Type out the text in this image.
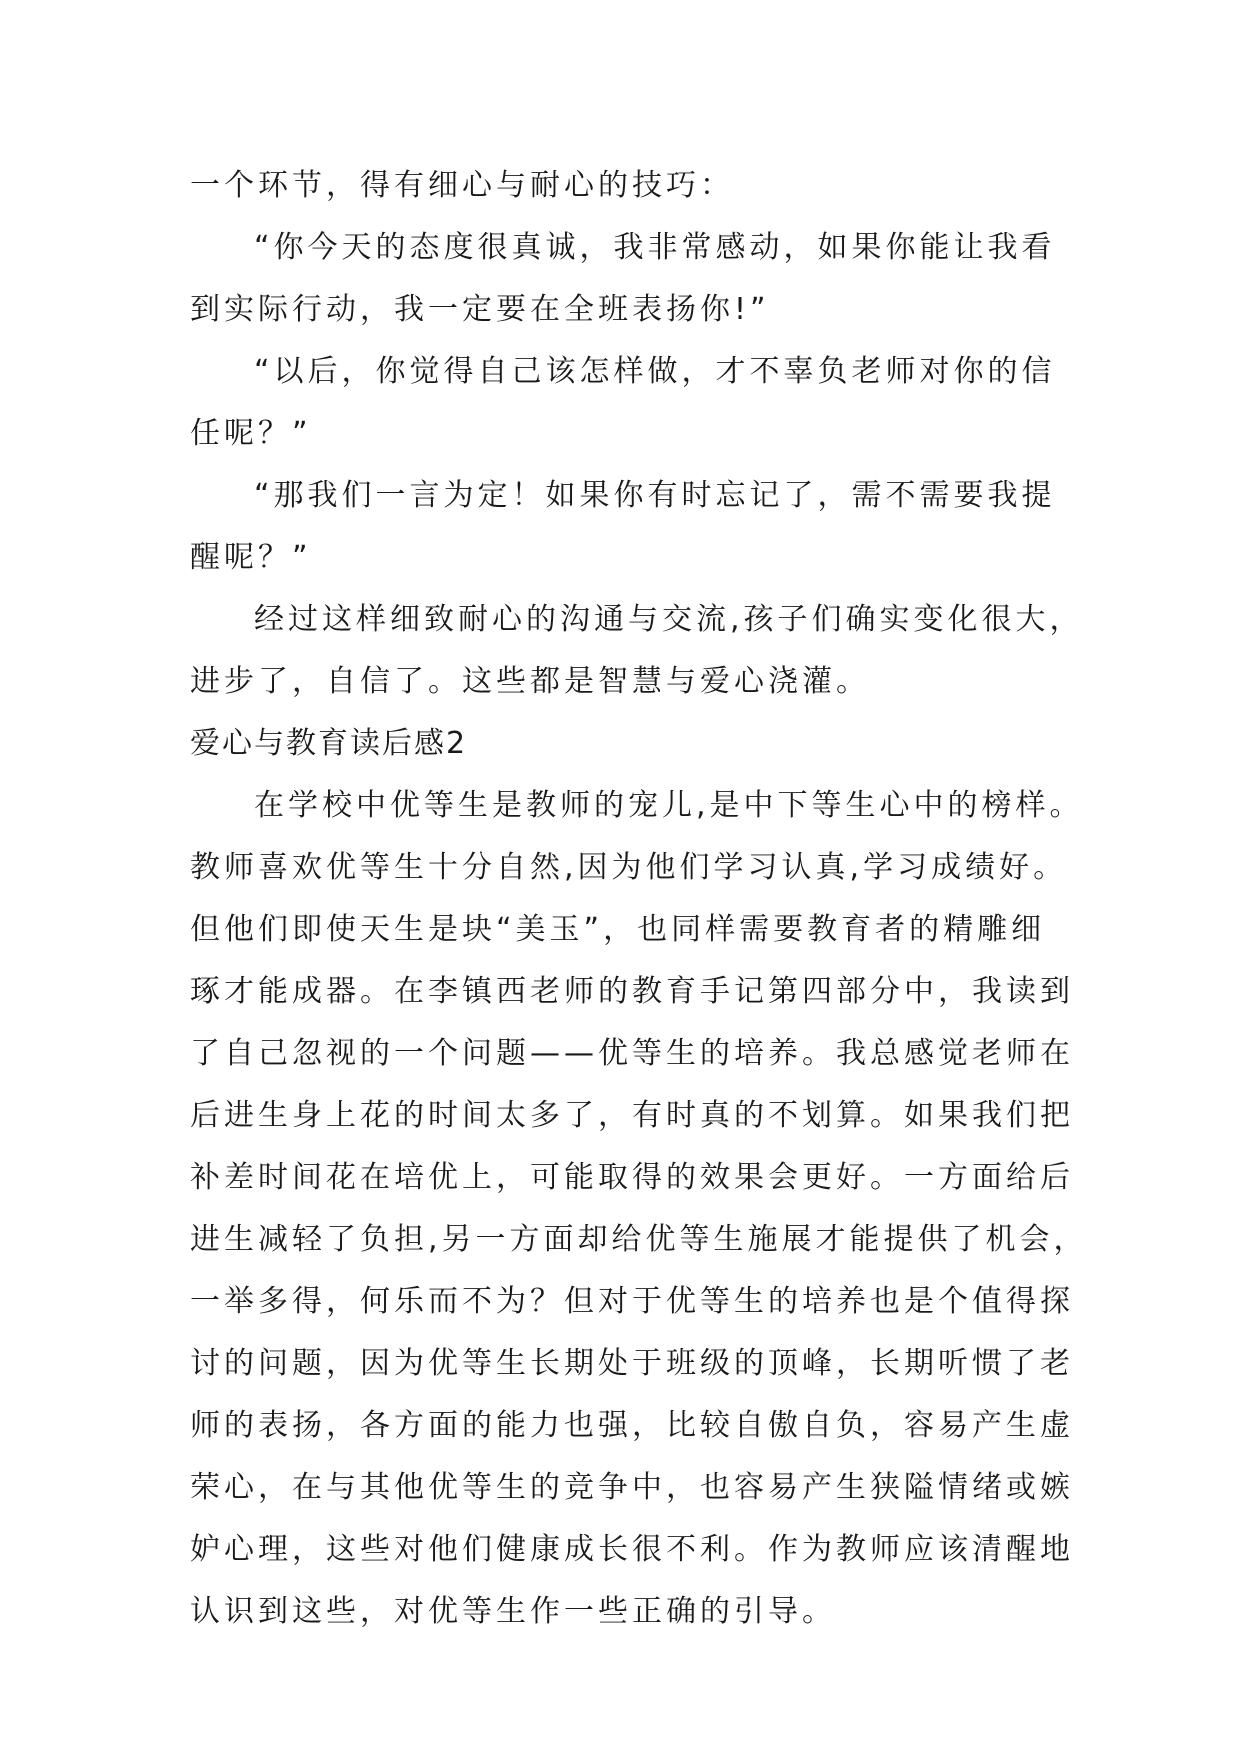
一个环节，得有细心与耐心的技巧：
“你今天的态度很真诚，我非常感动，如果你能让我看
到实际行动，我一定要在全班表扬你!”
“以后，你觉得自己该怎样做，才不辜负老师对你的信
任呢？”
“那我们一言为定！如果你有时忘记了，需不需要我提
醒呢？”
经过这样细致耐心的沟通与交流,孩子们确实变化很大，
进步了，自信了。这些都是智慧与爱心浇灌。
爱心与教育读后感2
在学校中优等生是教师的宠儿,是中下等生心中的榜样。
教师喜欢优等生十分自然,因为他们学习认真,学习成绩好。
但他们即使天生是块“美玉”，也同样需要教育者的精雕细
琢才能成器。在李镇西老师的教育手记第四部分中，我读到
了自己忽视的一个问题——优等生的培养。我总感觉老师在
后进生身上花的时间太多了，有时真的不划算。如果我们把
补差时间花在培优上，可能取得的效果会更好。一方面给后
进生减轻了负担,另一方面却给优等生施展才能提供了机会，
一举多得，何乐而不为？但对于优等生的培养也是个值得探
讨的问题，因为优等生长期处于班级的顶峰，长期听惯了老
师的表扬，各方面的能力也强，比较自傲自负，容易产生虚
荣心，在与其他优等生的竞争中，也容易产生狭隘情绪或嫉
妒心理，这些对他们健康成长很不利。作为教师应该清醒地
认识到这些，对优等生作一些正确的引导。
